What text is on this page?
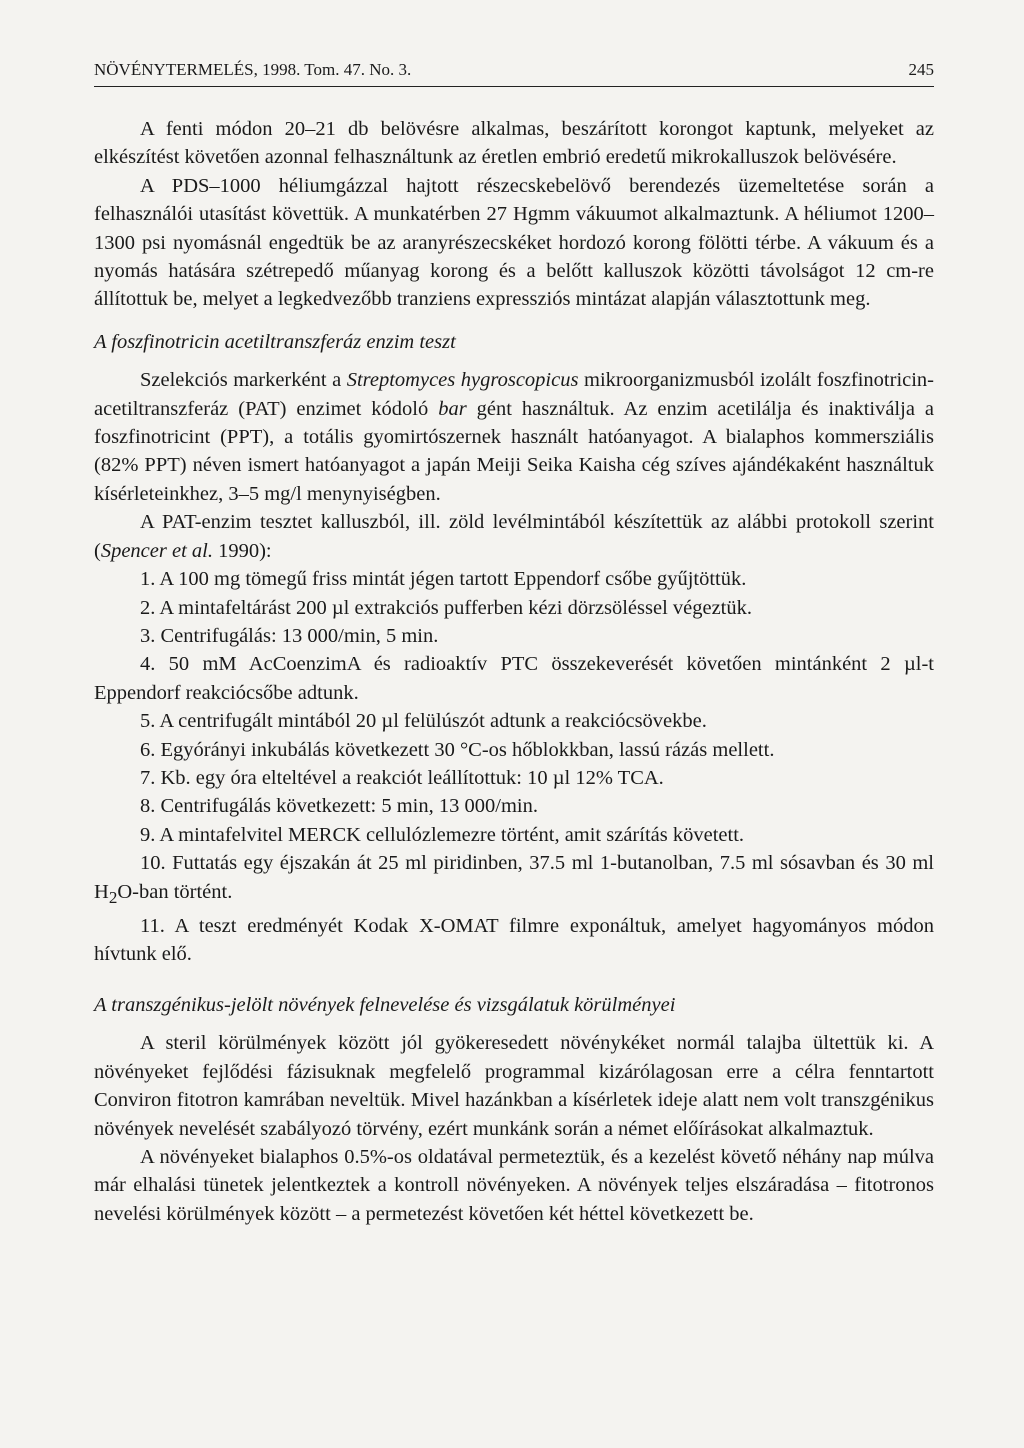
NÖVÉNYTERMELÉS, 1998. Tom. 47. No. 3.	245

A fenti módon 20–21 db belövésre alkalmas, beszárított korongot kaptunk, melyeket az elkészítést követően azonnal felhasználtunk az éretlen embrió eredetű mikrokalluszok belövésére.

A PDS–1000 héliumgázzal hajtott részecskebelövő berendezés üzemeltetése során a felhasználói utasítást követtük. A munkatérben 27 Hgmm vákuumot alkalmaztunk. A héliumot 1200–1300 psi nyomásnál engedtük be az aranyrészecskéket hordozó korong fölötti térbe. A vákuum és a nyomás hatására szétrepedő műanyag korong és a belőtt kalluszok közötti távolságot 12 cm-re állítottuk be, melyet a legkedvezőbb tranziens expressziós mintázat alapján választottunk meg.

A foszfinotricin acetiltranszferáz enzim teszt

Szelekciós markerként a Streptomyces hygroscopicus mikroorganizmusból izolált foszfinotricin-acetiltranszferáz (PAT) enzimet kódoló bar gént használtuk. Az enzim acetilálja és inaktiválja a foszfinotricint (PPT), a totális gyomirtószernek használt hatóanyagot. A bialaphos kommersziális (82% PPT) néven ismert hatóanyagot a japán Meiji Seika Kaisha cég szíves ajándékaként használtuk kísérleteinkhez, 3–5 mg/l menynyiségben.

A PAT-enzim tesztet kalluszból, ill. zöld levélmintából készítettük az alábbi protokoll szerint (Spencer et al. 1990):

1. A 100 mg tömegű friss mintát jégen tartott Eppendorf csőbe gyűjtöttük.

2. A mintafeltárást 200 µl extrakciós pufferben kézi dörzsöléssel végeztük.

3. Centrifugálás: 13 000/min, 5 min.

4. 50 mM AcCoenzimA és radioaktív PTC összekeverését követően mintánként 2 µl-t Eppendorf reakciócsőbe adtunk.

5. A centrifugált mintából 20 µl felülúszót adtunk a reakciócsövekbe.

6. Egyórányi inkubálás következett 30 °C-os hőblokkban, lassú rázás mellett.

7. Kb. egy óra elteltével a reakciót leállítottuk: 10 µl 12% TCA.

8. Centrifugálás következett: 5 min, 13 000/min.

9. A mintafelvitel MERCK cellulózlemezre történt, amit szárítás követett.

10. Futtatás egy éjszakán át 25 ml piridinben, 37.5 ml 1-butanolban, 7.5 ml sósavban és 30 ml $H_2O$-ban történt.

11. A teszt eredményét Kodak X-OMAT filmre exponáltuk, amelyet hagyományos módon hívtunk elő.

A transzgénikus-jelölt növények felnevelése és vizsgálatuk körülményei

A steril körülmények között jól gyökeresedett növénykéket normál talajba ültettük ki. A növényeket fejlődési fázisuknak megfelelő programmal kizárólagosan erre a célra fenntartott Conviron fitotron kamrában neveltük. Mivel hazánkban a kísérletek ideje alatt nem volt transzgénikus növények nevelését szabályozó törvény, ezért munkánk során a német előírásokat alkalmaztuk.

A növényeket bialaphos 0.5%-os oldatával permeteztük, és a kezelést követő néhány nap múlva már elhalási tünetek jelentkeztek a kontroll növényeken. A növények teljes elszáradása – fitotronos nevelési körülmények között – a permetezést követően két héttel következett be.
